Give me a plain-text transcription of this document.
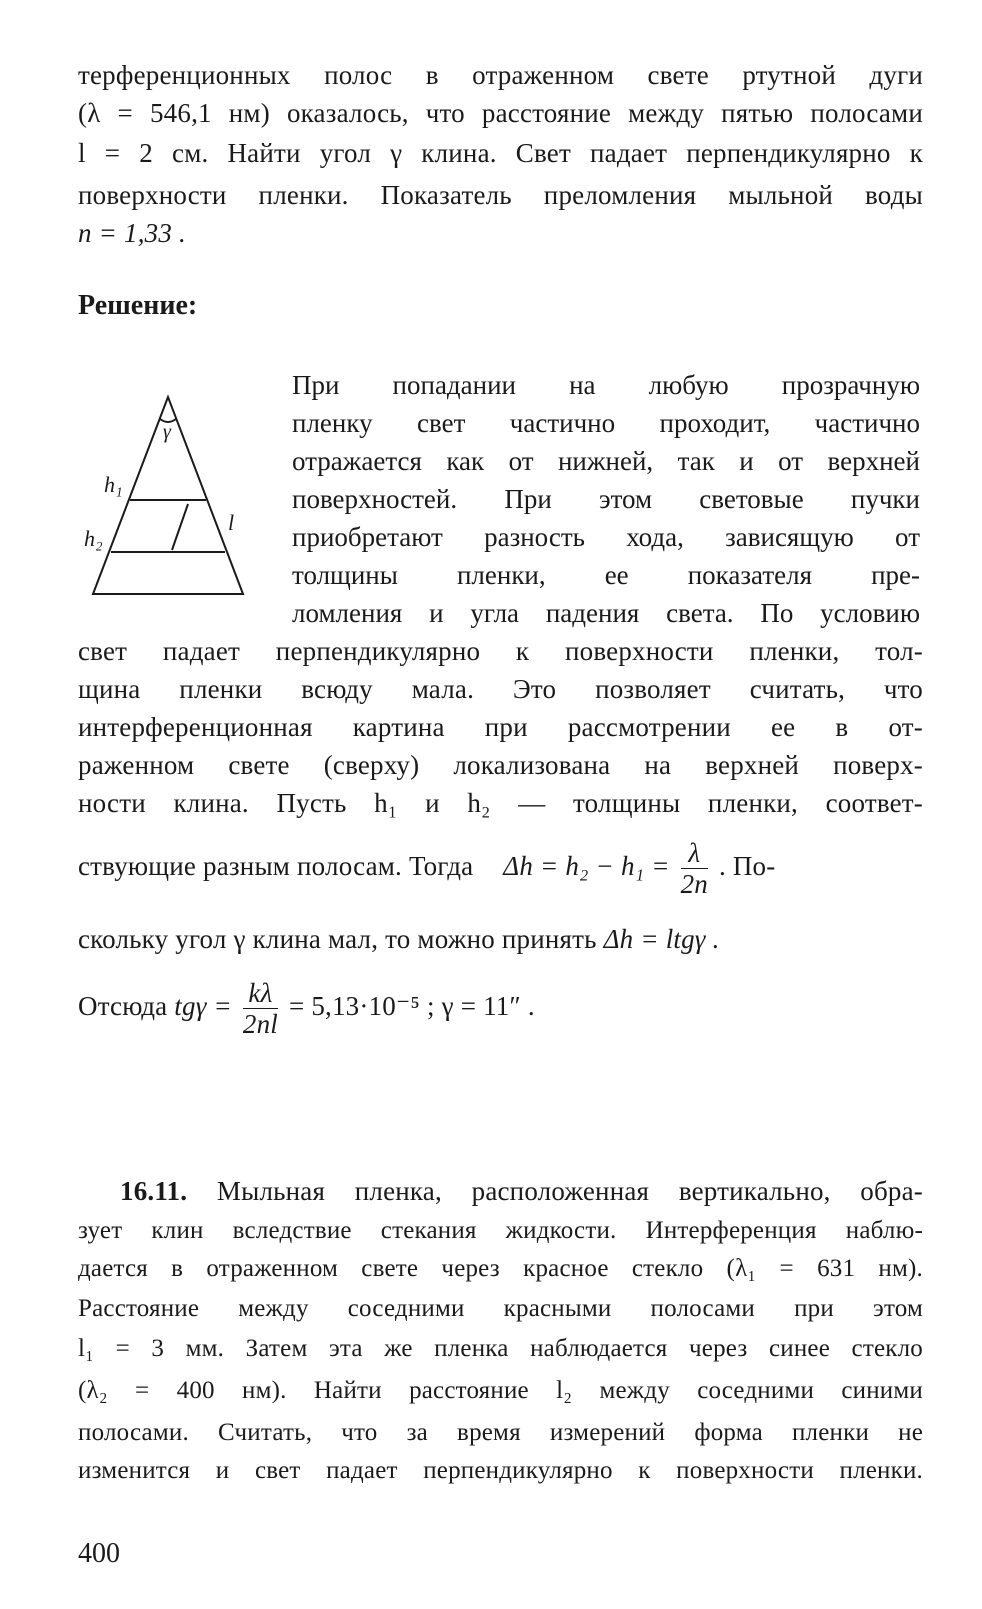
терференционных полос в отраженном свете ртутной дуги
(λ = 546,1 нм) оказалось, что расстояние между пятью полосами
l = 2 см. Найти угол γ клина. Свет падает перпендикулярно к
поверхности пленки. Показатель преломления мыльной воды
n = 1,33 .
Решение:
γ
h₁
h₂
l
При попадании на любую прозрачную
пленку свет частично проходит, частично
отражается как от нижней, так и от верхней
поверхностей. При этом световые пучки
приобретают разность хода, зависящую от
толщины пленки, ее показателя пре-
ломления и угла падения света. По условию
свет падает перпендикулярно к поверхности пленки, тол-
щина пленки всюду мала. Это позволяет считать, что
интерференционная картина при рассмотрении ее в от-
раженном свете (сверху) локализована на верхней поверх-
ности клина. Пусть h₁ и h₂ — толщины пленки, соответ-
ствующие разным полосам. Тогда $\Delta h = h_2 - h_1 = \frac{\lambda}{2n}$ . По-
скольку угол γ клина мал, то можно принять Δh = ltgγ .
Отсюда $tg\gamma = \frac{k\lambda}{2nl} = 5,13\cdot 10^{-5}$ ; γ = 11″ .
16.11. Мыльная пленка, расположенная вертикально, обра-
зует клин вследствие стекания жидкости. Интерференция наблю-
дается в отраженном свете через красное стекло (λ₁ = 631 нм).
Расстояние между соседними красными полосами при этом
l₁ = 3 мм. Затем эта же пленка наблюдается через синее стекло
(λ₂ = 400 нм). Найти расстояние l₂ между соседними синими
полосами. Считать, что за время измерений форма пленки не
изменится и свет падает перпендикулярно к поверхности пленки.
400
